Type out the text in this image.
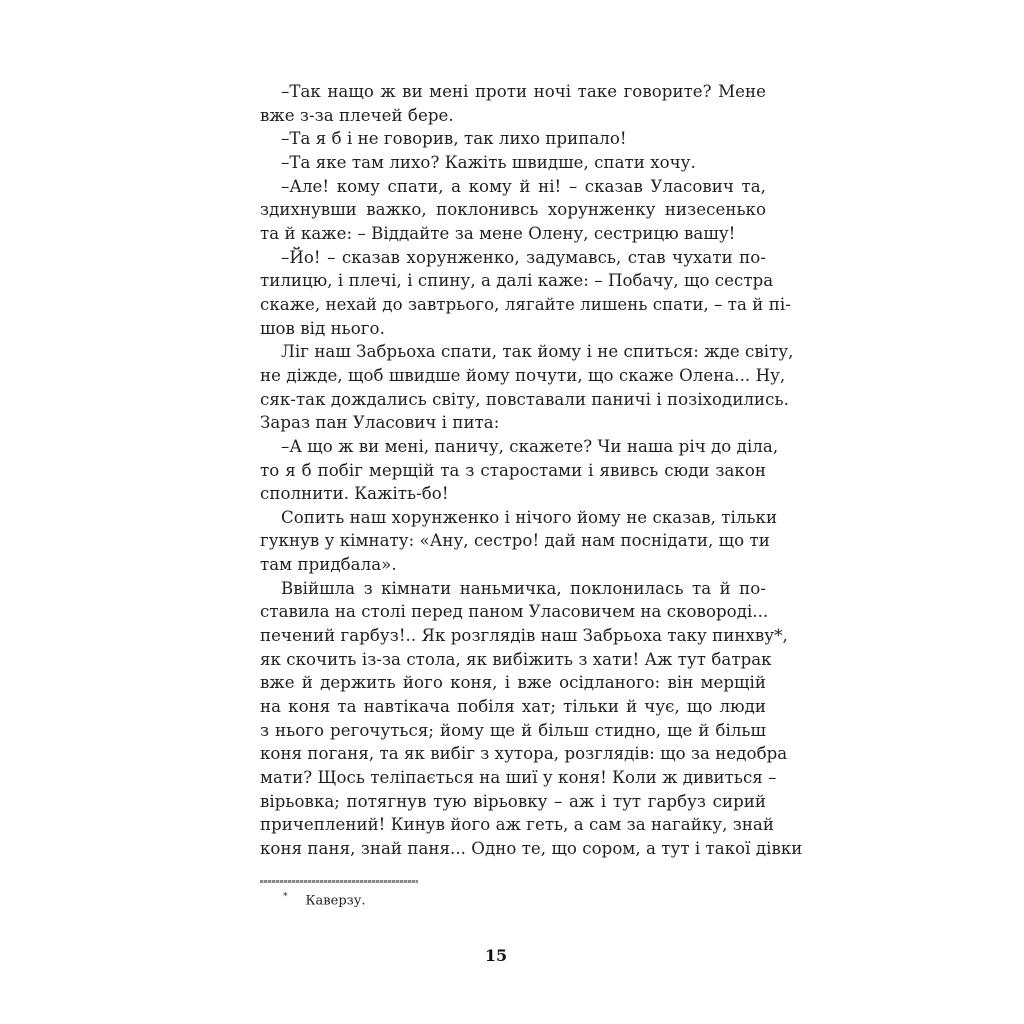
–Так нащо ж ви мені проти ночі таке говорите? Мене
вже з-за плечей бере.
–Та я б і не говорив, так лихо припало!
–Та яке там лихо? Кажіть швидше, спати хочу.
–Але! кому спати, а кому й ні! – сказав Уласович та,
здихнувши важко, поклонивсь хорунженку низесенько
та й каже: – Віддайте за мене Олену, сестрицю вашу!
–Йо! – сказав хорунженко, задумавсь, став чухати по-
тилицю, і плечі, і спину, а далі каже: – Побачу, що сестра
скаже, нехай до завтрього, лягайте лишень спати, – та й пі-
шов від нього.
Ліг наш Забрьоха спати, так йому і не спиться: жде світу,
не діжде, щоб швидше йому почути, що скаже Олена... Ну,
сяк-так дождались світу, повставали паничі і позіходились.
Зараз пан Уласович і пита:
–А що ж ви мені, паничу, скажете? Чи наша річ до діла,
то я б побіг мерщій та з старостами і явивсь сюди закон
сполнити. Кажіть-бо!
Сопить наш хорунженко і нічого йому не сказав, тільки
гукнув у кімнату: «Ану, сестро! дай нам поснідати, що ти
там придбала».
Ввійшла з кімнати наньмичка, поклонилась та й по-
ставила на столі перед паном Уласовичем на сковороді...
печений гарбуз!.. Як розглядів наш Забрьоха таку пинхву*,
як скочить із-за стола, як вибіжить з хати! Аж тут батрак
вже й держить його коня, і вже осідланого: він мерщій
на коня та навтікача побіля хат; тільки й чує, що люди
з нього регочуться; йому ще й більш стидно, ще й більш
коня поганя, та як вибіг з хутора, розглядів: що за недобра
мати? Щось теліпається на шиї у коня! Коли ж дивиться –
вірьовка; потягнув тую вірьовку – аж і тут гарбуз сирий
причеплений! Кинув його аж геть, а сам за нагайку, знай
коня паня, знай паня... Одно те, що сором, а тут і такої дівки
* Каверзу.
15
